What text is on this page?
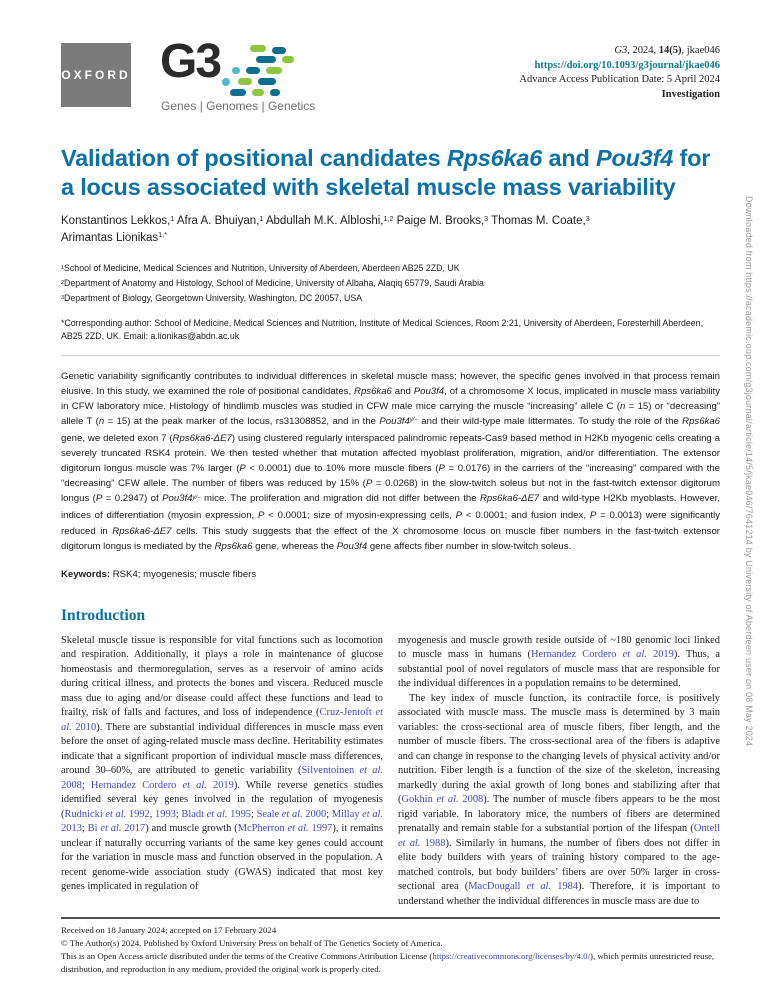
OXFORD G3
Genes | Genomes | Genetics
G3, 2024, 14(5), jkae046
https://doi.org/10.1093/g3journal/jkae046
Advance Access Publication Date: 5 April 2024
Investigation
Validation of positional candidates Rps6ka6 and Pou3f4 for a locus associated with skeletal muscle mass variability
Konstantinos Lekkos,$^1$ Afra A. Bhuiyan,$^1$ Abdullah M.K. Albloshi,$^{1,2}$ Paige M. Brooks,$^3$ Thomas M. Coate,$^3$
Arimantas Lionikas$^{1,*}$
$^1$School of Medicine, Medical Sciences and Nutrition, University of Aberdeen, Aberdeen AB25 2ZD, UK
$^2$Department of Anatomy and Histology, School of Medicine, University of Albaha, Alaqiq 65779, Saudi Arabia
$^3$Department of Biology, Georgetown University, Washington, DC 20057, USA
*Corresponding author: School of Medicine, Medical Sciences and Nutrition, Institute of Medical Sciences, Room 2:21, University of Aberdeen, Foresterhill Aberdeen, AB25 2ZD, UK. Email: a.lionikas@abdn.ac.uk
Genetic variability significantly contributes to individual differences in skeletal muscle mass; however, the specific genes involved in that process remain elusive. In this study, we examined the role of positional candidates, Rps6ka6 and Pou3f4, of a chromosome X locus, implicated in muscle mass variability in CFW laboratory mice. Histology of hindlimb muscles was studied in CFW male mice carrying the muscle “increasing” allele C (n = 15) or “decreasing” allele T (n = 15) at the peak marker of the locus, rs31308852, and in the $Pou3f4^{y/-}$ and their wild-type male littermates. To study the role of the Rps6ka6 gene, we deleted exon 7 (Rps6ka6-ΔE7) using clustered regularly interspaced palindromic repeats-Cas9 based method in H2Kb myogenic cells creating a severely truncated RSK4 protein. We then tested whether that mutation affected myoblast proliferation, migration, and/or differentiation. The extensor digitorum longus muscle was 7% larger (P < 0.0001) due to 10% more muscle fibers (P = 0.0176) in the carriers of the “increasing” compared with the “decreasing” CFW allele. The number of fibers was reduced by 15% (P = 0.0268) in the slow-twitch soleus but not in the fast-twitch extensor digitorum longus (P = 0.2947) of $Pou3f4^{y/-}$ mice. The proliferation and migration did not differ between the Rps6ka6-ΔE7 and wild-type H2Kb myoblasts. However, indices of differentiation (myosin expression, P < 0.0001; size of myosin-expressing cells, P < 0.0001; and fusion index, P = 0.0013) were significantly reduced in Rps6ka6-ΔE7 cells. This study suggests that the effect of the X chromosome locus on muscle fiber numbers in the fast-twitch extensor digitorum longus is mediated by the Rps6ka6 gene, whereas the Pou3f4 gene affects fiber number in slow-twitch soleus.
Keywords: RSK4; myogenesis; muscle fibers
Introduction

Skeletal muscle tissue is responsible for vital functions such as locomotion and respiration. Additionally, it plays a role in maintenance of glucose homeostasis and thermoregulation, serves as a reservoir of amino acids during critical illness, and protects the bones and viscera. Reduced muscle mass due to aging and/or disease could affect these functions and lead to frailty, risk of falls and factures, and loss of independence (Cruz-Jentoft et al. 2010). There are substantial individual differences in muscle mass even before the onset of aging-related muscle mass decline. Heritability estimates indicate that a significant proportion of individual muscle mass differences, around 30–60%, are attributed to genetic variability (Silventoinen et al. 2008; Hernandez Cordero et al. 2019). While reverse genetics studies identified several key genes involved in the regulation of myogenesis (Rudnicki et al. 1992, 1993; Bladt et al. 1995; Seale et al. 2000; Millay et al. 2013; Bi et al. 2017) and muscle growth (McPherron et al. 1997), it remains unclear if naturally occurring variants of the same key genes could account for the variation in muscle mass and function observed in the population. A recent genome-wide association study (GWAS) indicated that most key genes implicated in regulation of

myogenesis and muscle growth reside outside of ~180 genomic loci linked to muscle mass in humans (Hernandez Cordero et al. 2019). Thus, a substantial pool of novel regulators of muscle mass that are responsible for the individual differences in a population remains to be determined.

The key index of muscle function, its contractile force, is positively associated with muscle mass. The muscle mass is determined by 3 main variables: the cross-sectional area of muscle fibers, fiber length, and the number of muscle fibers. The cross-sectional area of the fibers is adaptive and can change in response to the changing levels of physical activity and/or nutrition. Fiber length is a function of the size of the skeleton, increasing markedly during the axial growth of long bones and stabilizing after that (Gokhin et al. 2008). The number of muscle fibers appears to be the most rigid variable. In laboratory mice, the numbers of fibers are determined prenatally and remain stable for a substantial portion of the lifespan (Ontell et al. 1988). Similarly in humans, the number of fibers does not differ in elite body builders with years of training history compared to the age-matched controls, but body builders’ fibers are over 50% larger in cross-sectional area (MacDougall et al. 1984). Therefore, it is important to understand whether the individual differences in muscle mass are due to

Received on 18 January 2024; accepted on 17 February 2024
© The Author(s) 2024. Published by Oxford University Press on behalf of The Genetics Society of America.
This is an Open Access article distributed under the terms of the Creative Commons Attribution License (https://creativecommons.org/licenses/by/4.0/), which permits unrestricted reuse, distribution, and reproduction in any medium, provided the original work is properly cited.
Downloaded from https://academic.oup.com/g3journal/article/14/5/jkae046/7641214 by University of Aberdeen user on 08 May 2024
